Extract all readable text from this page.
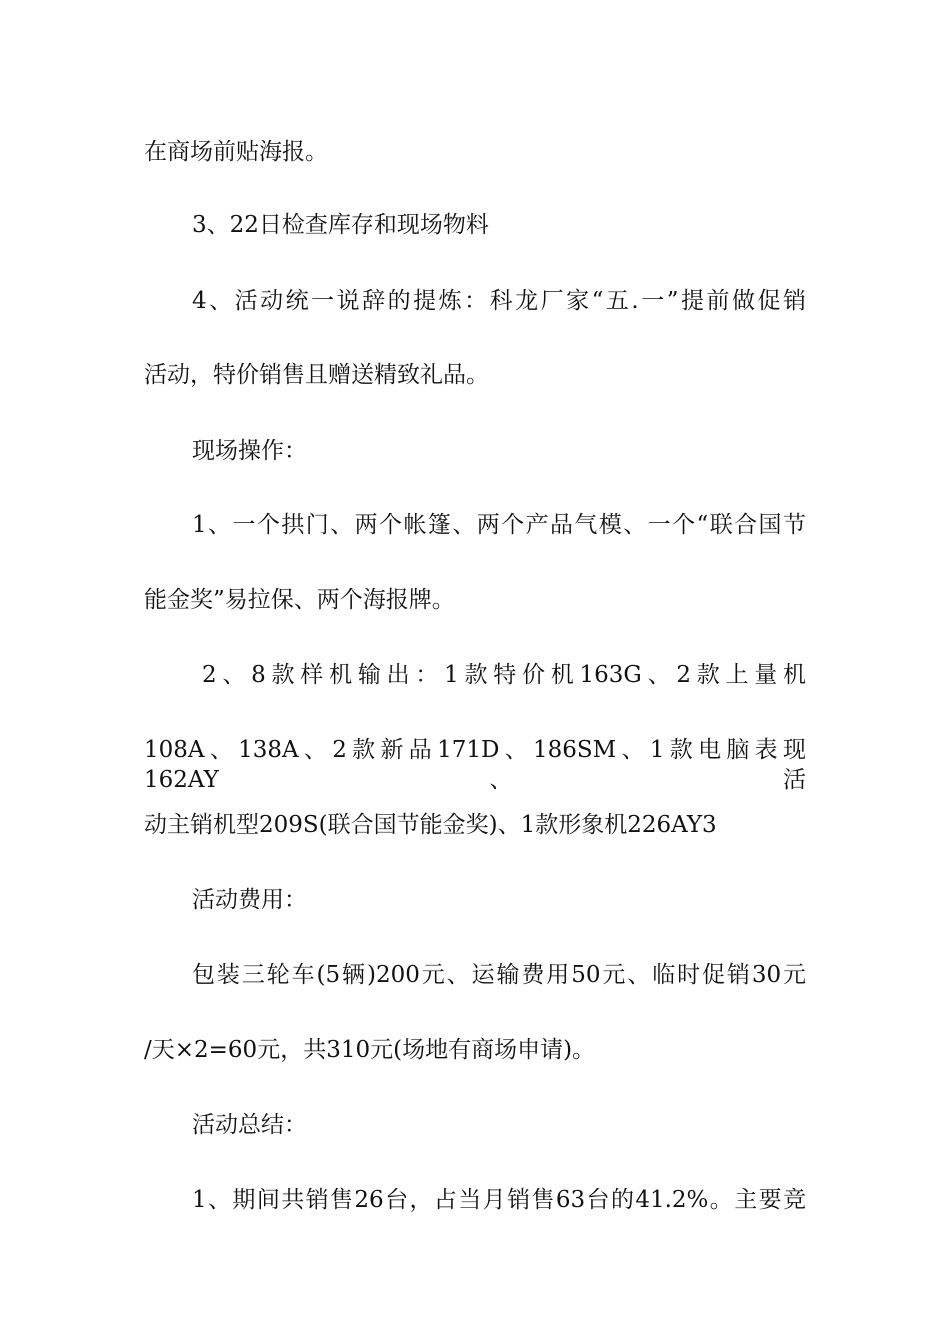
在商场前贴海报。
3、22日检查库存和现场物料
4、活动统一说辞的提炼：科龙厂家“五.一”提前做促销
活动，特价销售且赠送精致礼品。
现场操作：
1、一个拱门、两个帐篷、两个产品气模、一个“联合国节
能金奖”易拉保、两个海报牌。
2、8款样机输出：1款特价机163G、2款上量机
108A、138A、2款新品171D、186SM、1款电脑表现162AY、活
动主销机型209S(联合国节能金奖)、1款形象机226AY3
活动费用：
包装三轮车(5辆)200元、运输费用50元、临时促销30元
/天×2=60元，共310元(场地有商场申请)。
活动总结：
1、期间共销售26台，占当月销售63台的41.2%。主要竞
